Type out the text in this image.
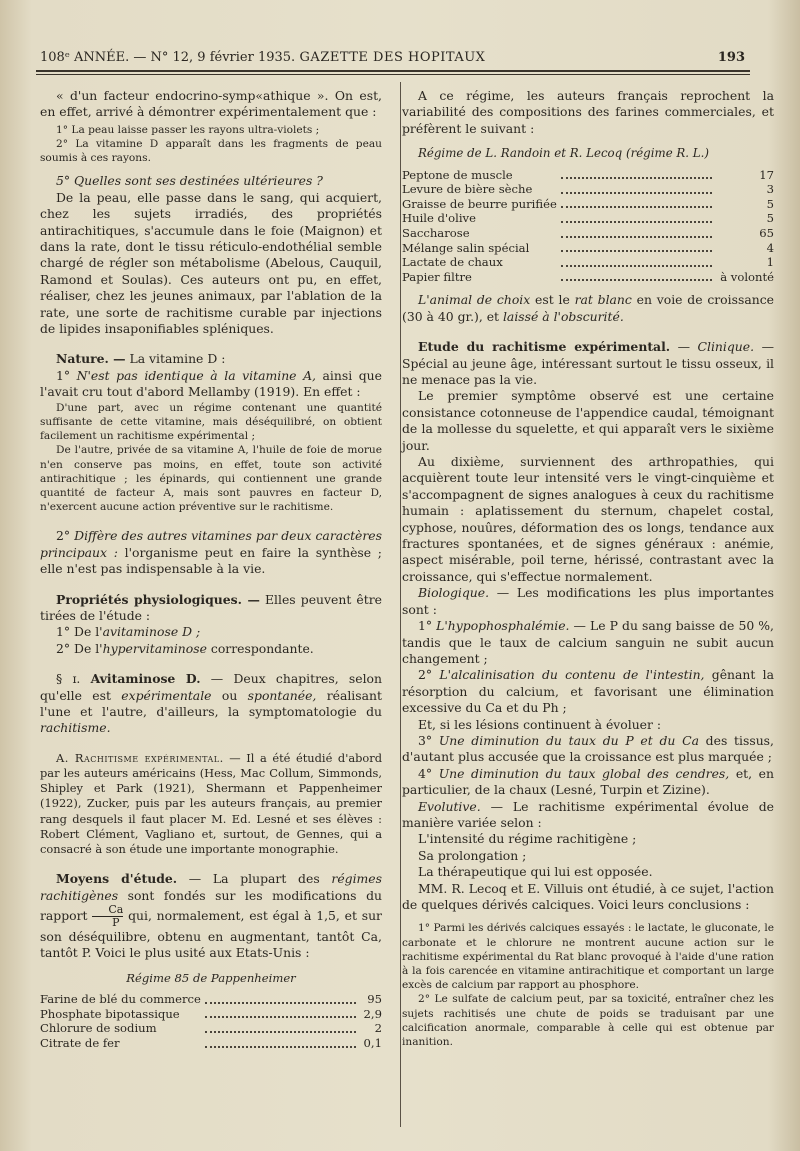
108ᵉ ANNÉE. — N° 12, 9 février 1935. GAZETTE DES HOPITAUX	193

« d'un facteur endocrino-symp«athique ». On est, en effet, arrivé à démontrer expérimentalement que :

1° La peau laisse passer les rayons ultra-violets ;

2° La vitamine D apparaît dans les fragments de peau soumis à ces rayons.

5° Quelles sont ses destinées ultérieures ?

De la peau, elle passe dans le sang, qui acquiert, chez les sujets irradiés, des propriétés antirachitiques, s'accumule dans le foie (Maignon) et dans la rate, dont le tissu réticulo-endothélial semble chargé de régler son métabolisme (Abelous, Cauquil, Ramond et Soulas). Ces auteurs ont pu, en effet, réaliser, chez les jeunes animaux, par l'ablation de la rate, une sorte de rachitisme curable par injections de lipides insaponifiables spléniques.

Nature. — La vitamine D :

1° N'est pas identique à la vitamine A, ainsi que l'avait cru tout d'abord Mellamby (1919). En effet :

D'une part, avec un régime contenant une quantité suffisante de cette vitamine, mais déséquilibré, on obtient facilement un rachitisme expérimental ;

De l'autre, privée de sa vitamine A, l'huile de foie de morue n'en conserve pas moins, en effet, toute son activité antirachitique ; les épinards, qui contiennent une grande quantité de facteur A, mais sont pauvres en facteur D, n'exercent aucune action préventive sur le rachitisme.

2° Diffère des autres vitamines par deux caractères principaux : l'organisme peut en faire la synthèse ; elle n'est pas indispensable à la vie.

Propriétés physiologiques. — Elles peuvent être tirées de l'étude :

1° De l'avitaminose D ;

2° De l'hypervitaminose correspondante.

§ ɪ. Avitaminose D. — Deux chapitres, selon qu'elle est expérimentale ou spontanée, réalisant l'une et l'autre, d'ailleurs, la symptomatologie du rachitisme.

A. Rachitisme expérimental. — Il a été étudié d'abord par les auteurs américains (Hess, Mac Collum, Simmonds, Shipley et Park (1921), Shermann et Pappenheimer (1922), Zucker, puis par les auteurs français, au premier rang desquels il faut placer M. Ed. Lesné et ses élèves : Robert Clément, Vagliano et, surtout, de Gennes, qui a consacré à son étude une importante monographie.

Moyens d'étude. — La plupart des régimes rachitigènes sont fondés sur les modifications du rapport $\frac{Ca}{P}$ qui, normalement, est égal à 1,5, et sur son déséquilibre, obtenu en augmentant, tantôt Ca, tantôt P. Voici le plus usité aux Etats-Unis :

Régime 85 de Pappenheimer

Farine de blé du commerce		95
Phosphate bipotassique		2,9
Chlorure de sodium		2
Citrate de fer		0,1

A ce régime, les auteurs français reprochent la variabilité des compositions des farines commerciales, et préfèrent le suivant :

Régime de L. Randoin et R. Lecoq (régime R. L.)

Peptone de muscle		17
Levure de bière sèche		3
Graisse de beurre purifiée		5
Huile d'olive		5
Saccharose		65
Mélange salin spécial		4
Lactate de chaux		1
Papier filtre		à volonté

L'animal de choix est le rat blanc en voie de croissance (30 à 40 gr.), et laissé à l'obscurité.

Etude du rachitisme expérimental. — Clinique. — Spécial au jeune âge, intéressant surtout le tissu osseux, il ne menace pas la vie.

Le premier symptôme observé est une certaine consistance cotonneuse de l'appendice caudal, témoignant de la mollesse du squelette, et qui apparaît vers le sixième jour.

Au dixième, surviennent des arthropathies, qui acquièrent toute leur intensité vers le vingt-cinquième et s'accompagnent de signes analogues à ceux du rachitisme humain : aplatissement du sternum, chapelet costal, cyphose, nouûres, déformation des os longs, tendance aux fractures spontanées, et de signes généraux : anémie, aspect misérable, poil terne, hérissé, contrastant avec la croissance, qui s'effectue normalement.

Biologique. — Les modifications les plus importantes sont :

1° L'hypophosphalémie. — Le P du sang baisse de 50 %, tandis que le taux de calcium sanguin ne subit aucun changement ;

2° L'alcalinisation du contenu de l'intestin, gênant la résorption du calcium, et favorisant une élimination excessive du Ca et du Ph ;

Et, si les lésions continuent à évoluer :

3° Une diminution du taux du P et du Ca des tissus, d'autant plus accusée que la croissance est plus marquée ;

4° Une diminution du taux global des cendres, et, en particulier, de la chaux (Lesné, Turpin et Zizine).

Evolutive. — Le rachitisme expérimental évolue de manière variée selon :

L'intensité du régime rachitigène ;

Sa prolongation ;

La thérapeutique qui lui est opposée.

MM. R. Lecoq et E. Villuis ont étudié, à ce sujet, l'action de quelques dérivés calciques. Voici leurs conclusions :

1° Parmi les dérivés calciques essayés : le lactate, le gluconate, le carbonate et le chlorure ne montrent aucune action sur le rachitisme expérimental du Rat blanc provoqué à l'aide d'une ration à la fois carencée en vitamine antirachitique et comportant un large excès de calcium par rapport au phosphore.

2° Le sulfate de calcium peut, par sa toxicité, entraîner chez les sujets rachitisés une chute de poids se traduisant par une calcification anormale, comparable à celle qui est obtenue par inanition.
